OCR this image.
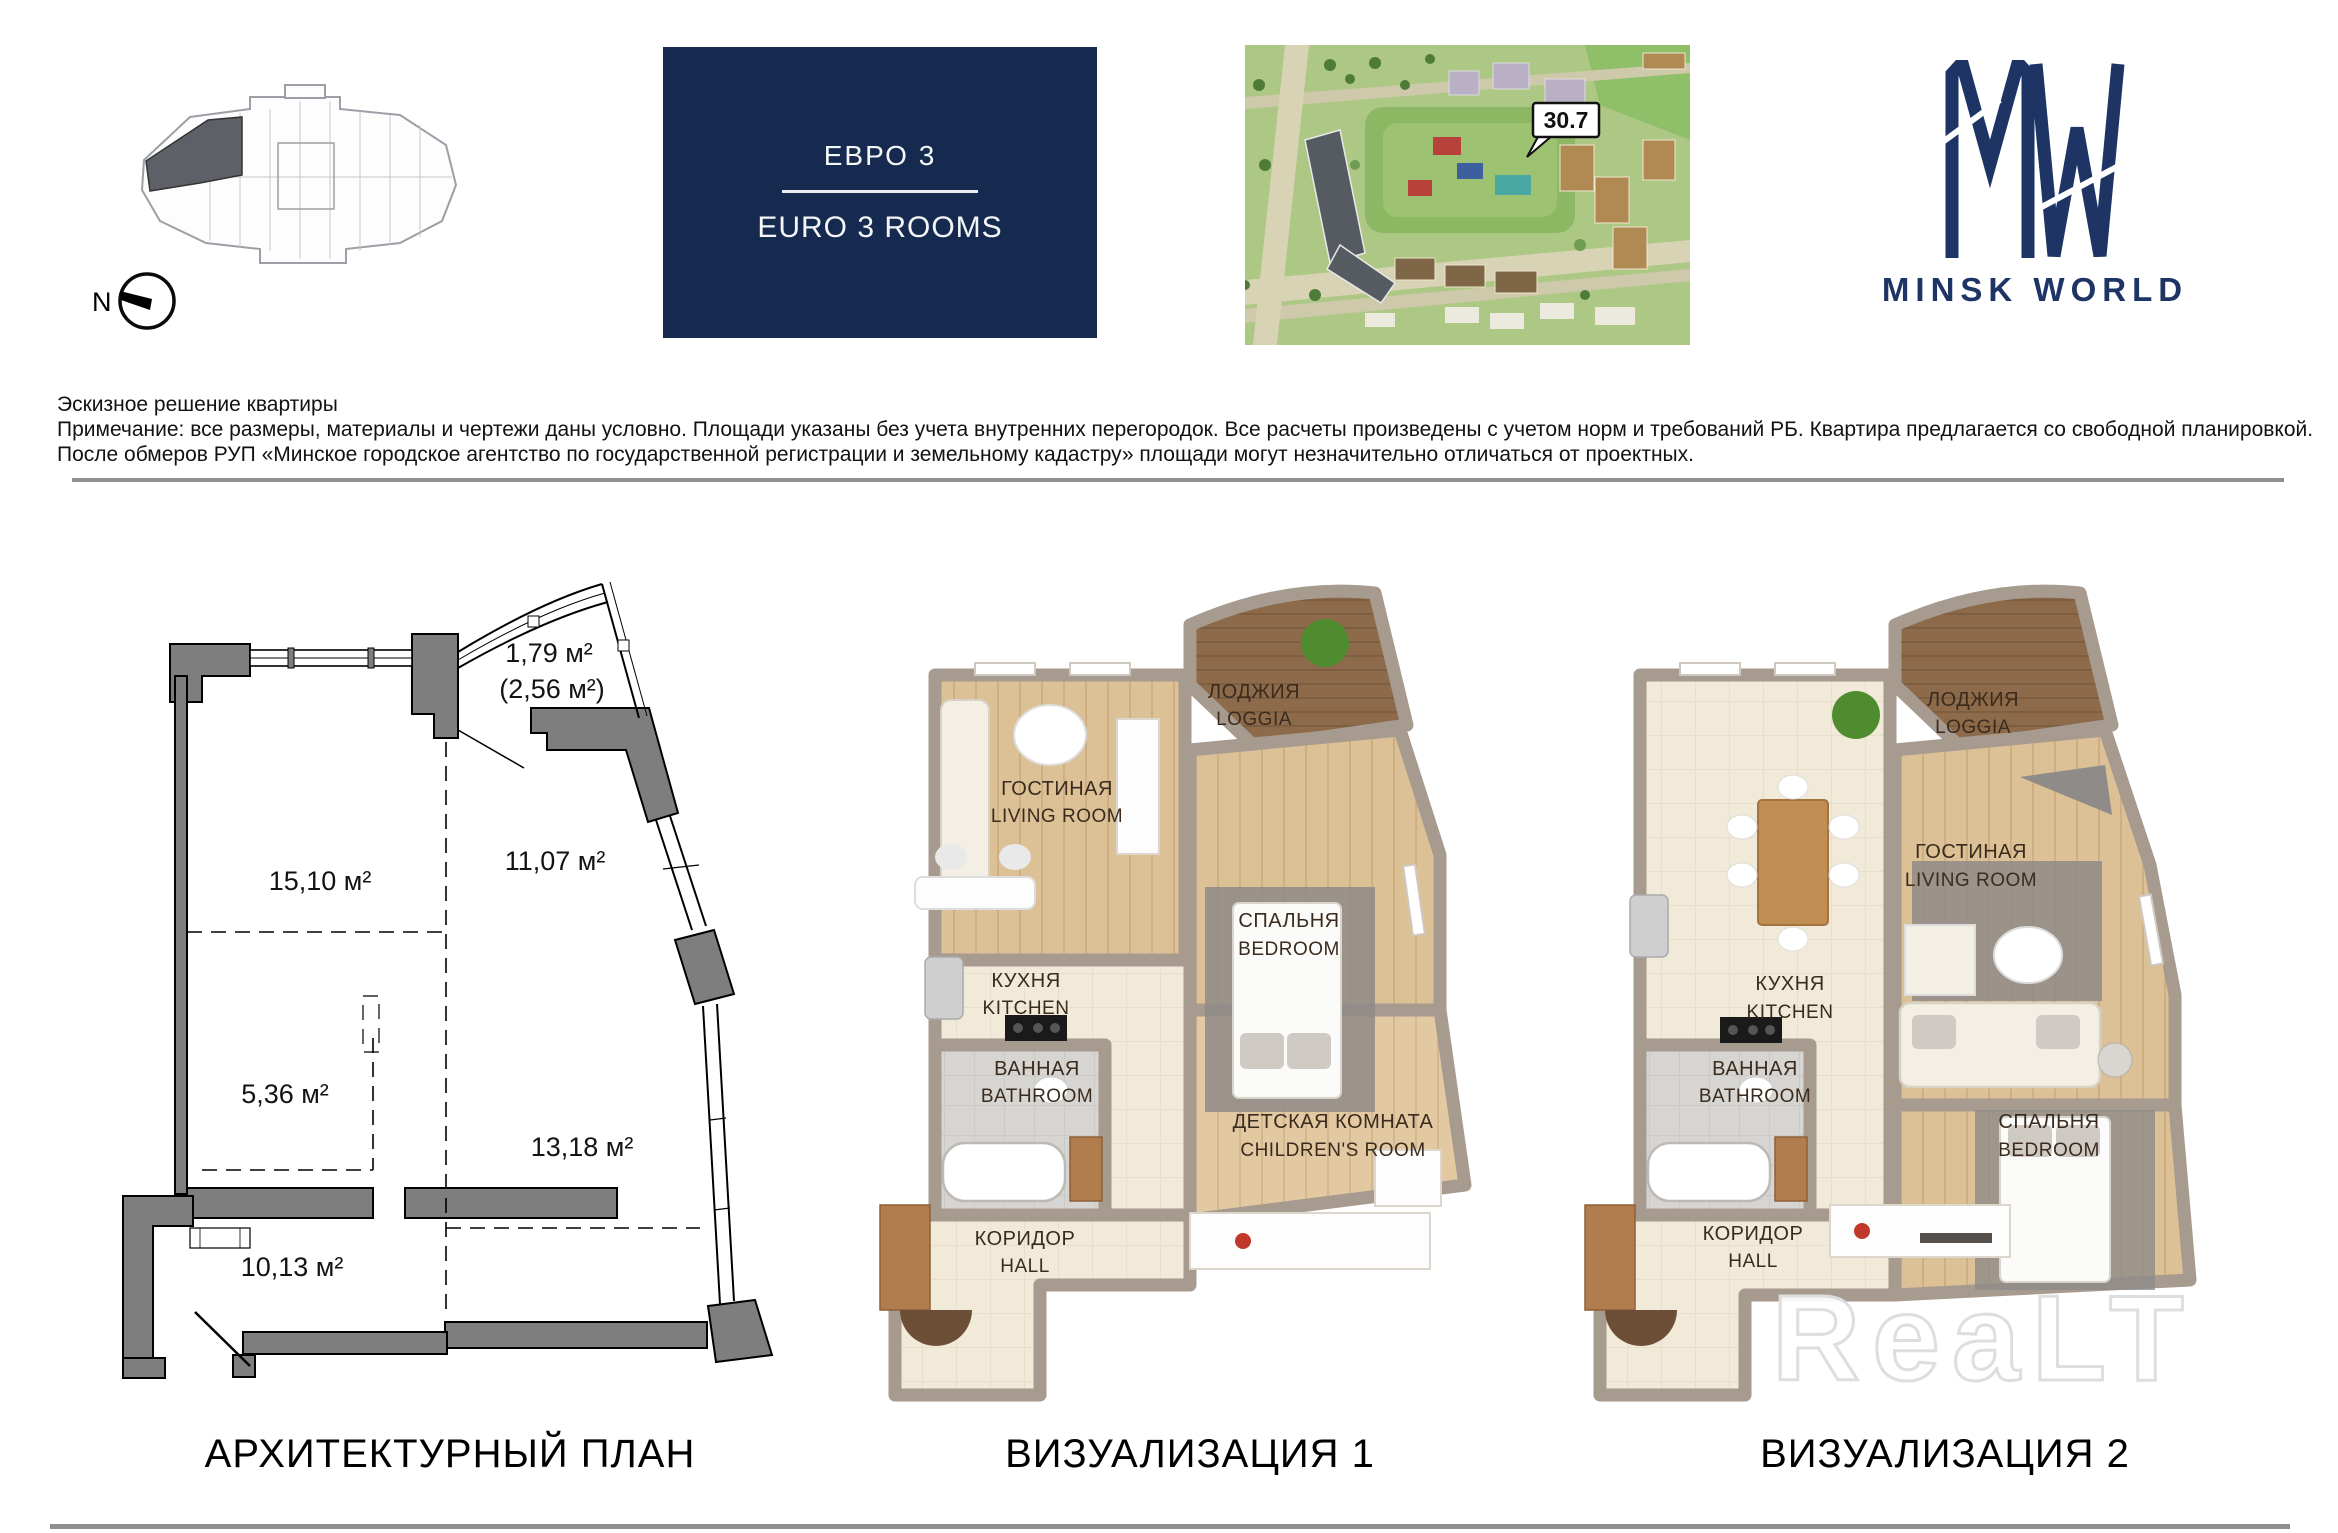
N
ЕВРО 3
EURO 3 ROOMS
30.7
MINSK WORLD
Эскизное решение квартиры
Примечание: все размеры, материалы и чертежи даны условно. Площади указаны без учета внутренних перегородок. Все расчеты произведены с учетом норм и требований РБ. Квартира предлагается со свободной планировкой.
После обмеров РУП «Минское городское агентство по государственной регистрации и земельному кадастру» площади могут незначительно отличаться от проектных.
1,79 м²
(2,56 м²)
15,10 м²
11,07 м²
5,36 м²
13,18 м²
10,13 м²
ЛОДЖИЯ
LOGGIA
ГОСТИНАЯ
LIVING ROOM
СПАЛЬНЯ
BEDROOM
КУХНЯ
KITCHEN
ВАННАЯ
BATHROOM
ДЕТСКАЯ КОМНАТА
CHILDREN'S ROOM
КОРИДОР
HALL
ЛОДЖИЯ
LOGGIA
ГОСТИНАЯ
LIVING ROOM
КУХНЯ
KITCHEN
ВАННАЯ
BATHROOM
СПАЛЬНЯ
BEDROOM
КОРИДОР
HALL
ReaLT
АРХИТЕКТУРНЫЙ ПЛАН	ВИЗУАЛИЗАЦИЯ 1	ВИЗУАЛИЗАЦИЯ 2
